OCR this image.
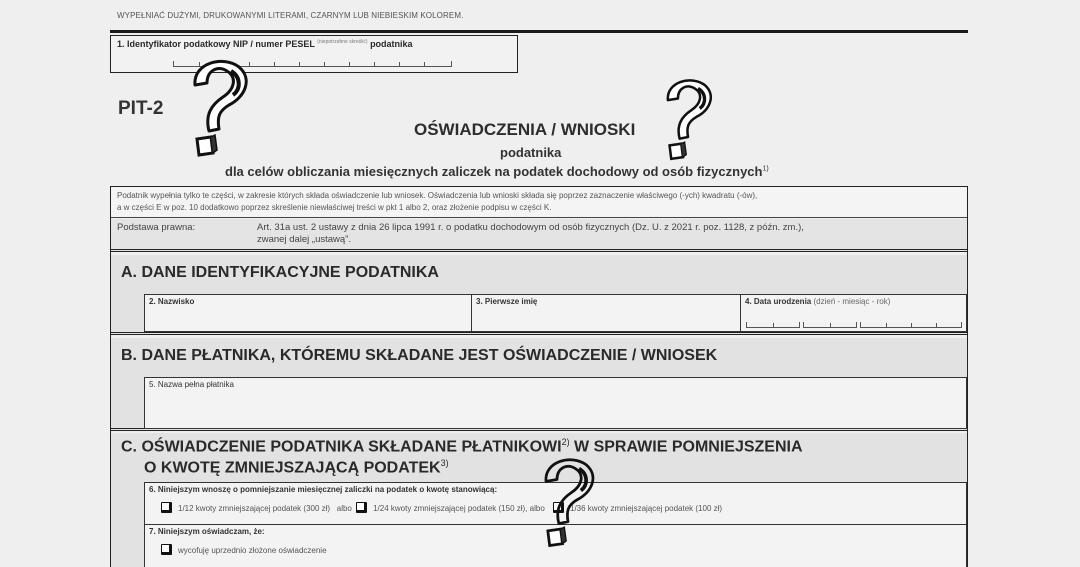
WYPEŁNIAĆ DUŻYMI, DRUKOWANYMI LITERAMI, CZARNYM LUB NIEBIESKIM KOLOREM.
1. Identyfikator podatkowy NIP / numer PESEL $^{(niepotrzebne skreślić)}$ podatnika
PIT-2
OŚWIADCZENIA / WNIOSKI
podatnika
dla celów obliczania miesięcznych zaliczek na podatek dochodowy od osób fizycznych$^{1)}$
Podatnik wypełnia tylko te części, w zakresie których składa oświadczenie lub wniosek. Oświadczenia lub wnioski składa się poprzez zaznaczenie właściwego (-ych) kwadratu (-ów),
a w części E w poz. 10 dodatkowo poprzez skreślenie niewłaściwej treści w pkt 1 albo 2, oraz złożenie podpisu w części K.
Podstawa prawna:	Art. 31a ust. 2 ustawy z dnia 26 lipca 1991 r. o podatku dochodowym od osób fizycznych (Dz. U. z 2021 r. poz. 1128, z późn. zm.),
zwanej dalej „ustawą”.
A. DANE IDENTYFIKACYJNE PODATNIKA
2. Nazwisko	3. Pierwsze imię	4. Data urodzenia (dzień - miesiąc - rok)
B. DANE PŁATNIKA, KTÓREMU SKŁADANE JEST OŚWIADCZENIE / WNIOSEK
5. Nazwa pełna płatnika
C. OŚWIADCZENIE PODATNIKA SKŁADANE PŁATNIKOWI$^{2)}$ W SPRAWIE POMNIEJSZENIA
O KWOTĘ ZMNIEJSZAJĄCĄ PODATEK$^{3)}$
6. Niniejszym wnoszę o pomniejszanie miesięcznej zaliczki na podatek o kwotę stanowiącą:
1/12 kwoty zmniejszającej podatek (300 zł) albo	1/24 kwoty zmniejszającej podatek (150 zł), albo	1/36 kwoty zmniejszającej podatek (100 zł)
7. Niniejszym oświadczam, że:
wycofuję uprzednio złożone oświadczenie
